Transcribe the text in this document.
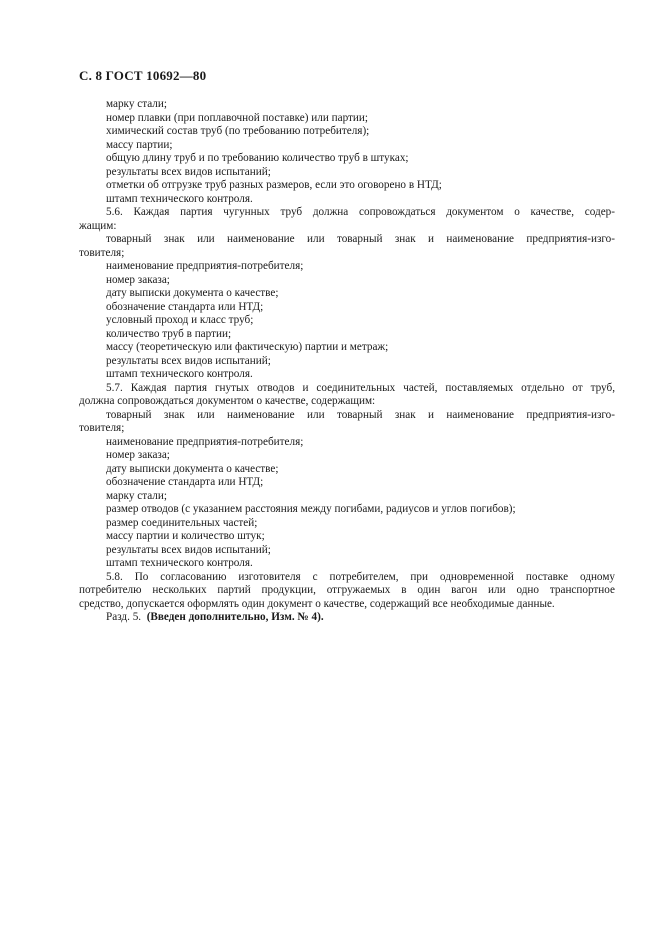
С. 8 ГОСТ 10692—80
марку стали;
номер плавки (при поплавочной поставке) или партии;
химический состав труб (по требованию потребителя);
массу партии;
общую длину труб и по требованию количество труб в штуках;
результаты всех видов испытаний;
отметки об отгрузке труб разных размеров, если это оговорено в НТД;
штамп технического контроля.
5.6. Каждая партия чугунных труб должна сопровождаться документом о качестве, содер-
жащим:
товарный знак или наименование или товарный знак и наименование предприятия-изго-
товителя;
наименование предприятия-потребителя;
номер заказа;
дату выписки документа о качестве;
обозначение стандарта или НТД;
условный проход и класс труб;
количество труб в партии;
массу (теоретическую или фактическую) партии и метраж;
результаты всех видов испытаний;
штамп технического контроля.
5.7. Каждая партия гнутых отводов и соединительных частей, поставляемых отдельно от труб,
должна сопровождаться документом о качестве, содержащим:
товарный знак или наименование или товарный знак и наименование предприятия-изго-
товителя;
наименование предприятия-потребителя;
номер заказа;
дату выписки документа о качестве;
обозначение стандарта или НТД;
марку стали;
размер отводов (с указанием расстояния между погибами, радиусов и углов погибов);
размер соединительных частей;
массу партии и количество штук;
результаты всех видов испытаний;
штамп технического контроля.
5.8. По согласованию изготовителя с потребителем, при одновременной поставке одному
потребителю нескольких партий продукции, отгружаемых в один вагон или одно транспортное
средство, допускается оформлять один документ о качестве, содержащий все необходимые данные.
Разд. 5. (Введен дополнительно, Изм. № 4).
